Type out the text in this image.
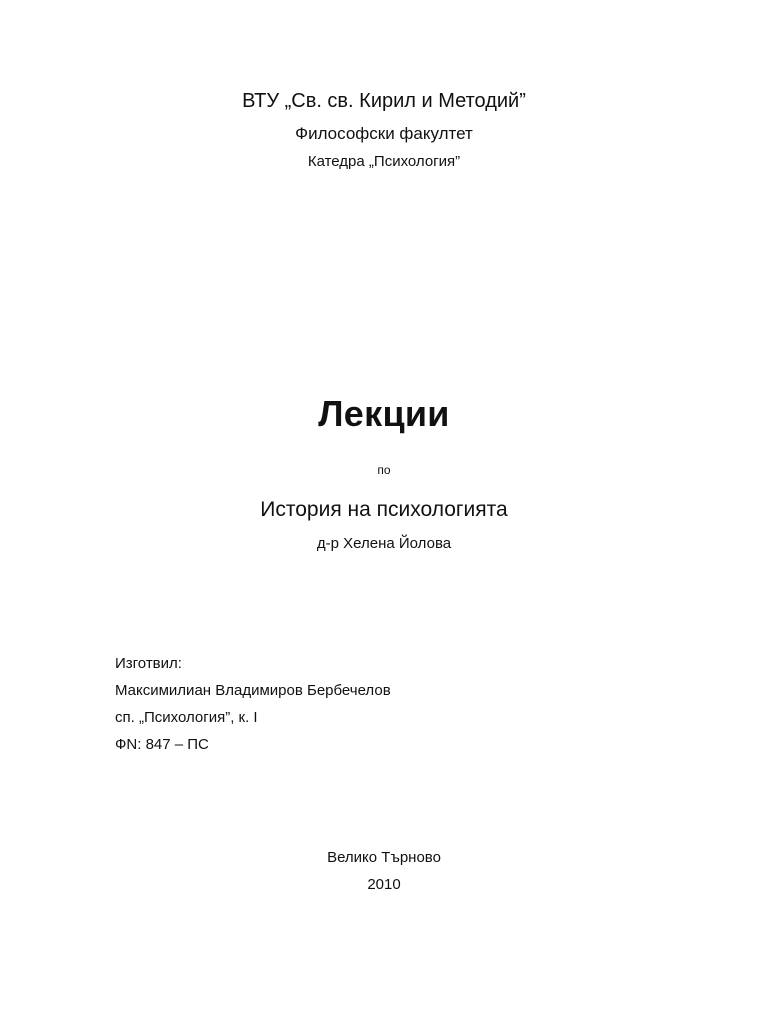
ВТУ „Св. св. Кирил и Методий”
Философски факултет
Катедра „Психология”
Лекции
по
История на психологията
д-р Хелена Йолова
Изготвил:
Максимилиан Владимиров Бербечелов
сп. „Психология”, к. I
ФN: 847 – ПС
Велико Търново
2010
